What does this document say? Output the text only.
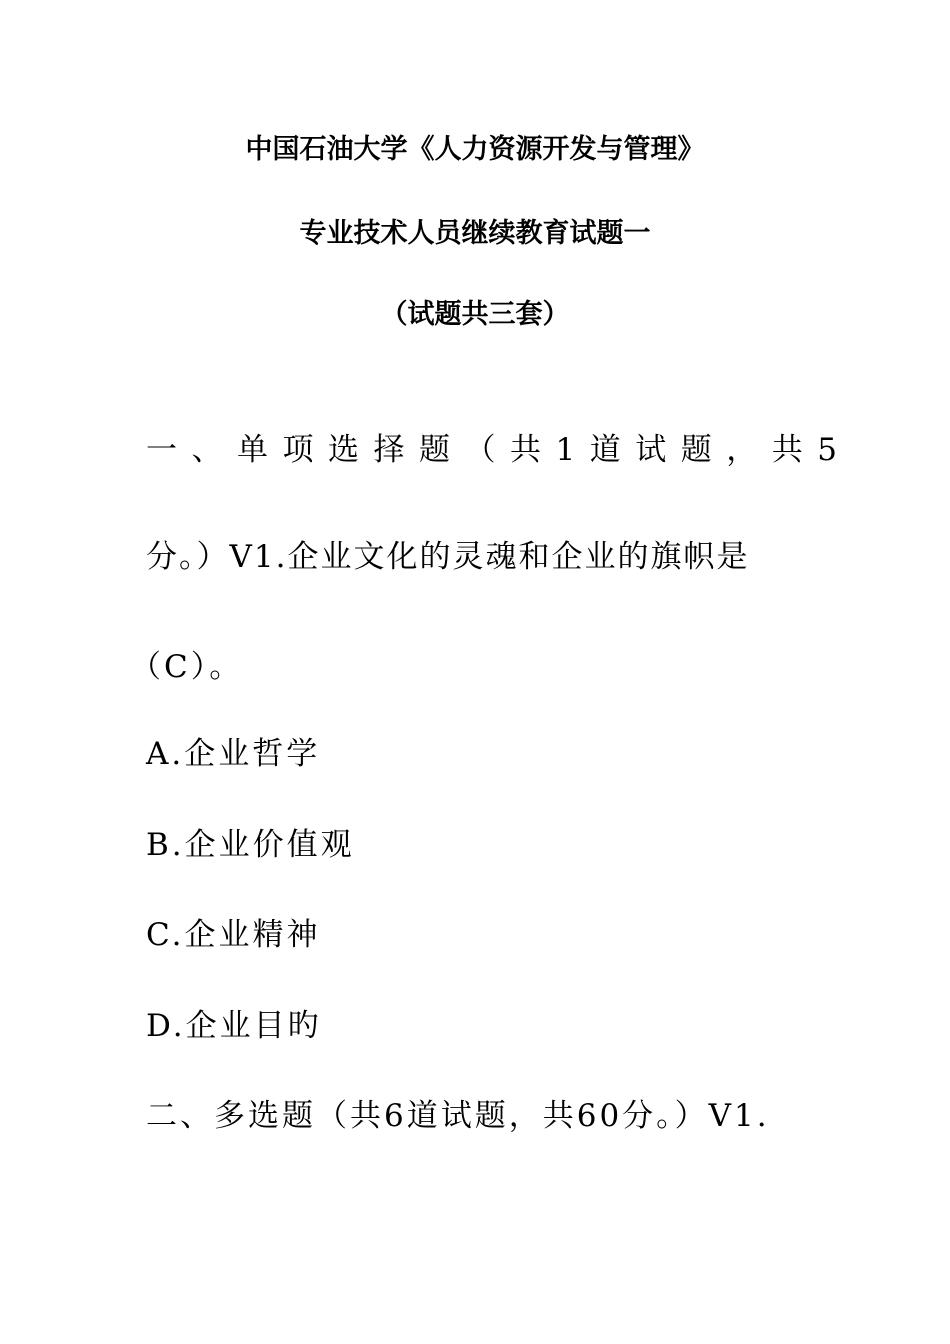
中国石油大学《人力资源开发与管理》
专业技术人员继续教育试题一
（试题共三套）

一、单项选择题（共1道试题，共5

分。）V1.企业文化的灵魂和企业的旗帜是

（C）。

A.企业哲学

B.企业价值观

C.企业精神

D.企业目旳

二、多选题（共6道试题，共60分。）V1.
